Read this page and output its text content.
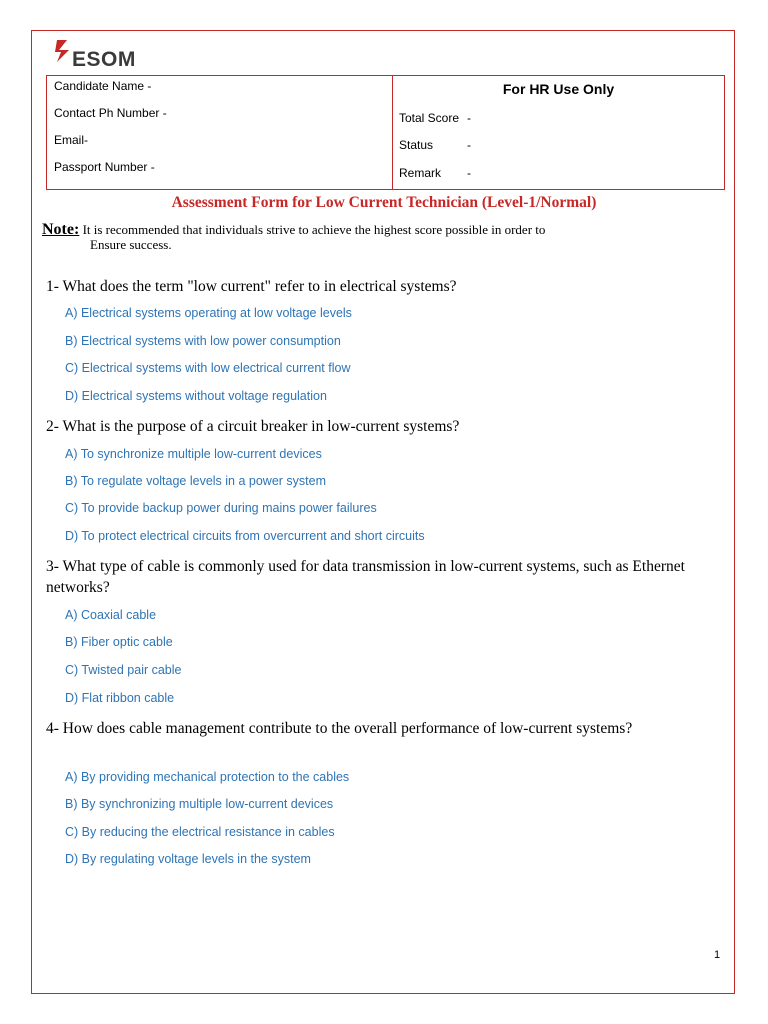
ESOM
Candidate Name -
Contact Ph Number -
Email-
Passport Number -
For HR Use Only
Total Score -
Status	-
Remark -
Assessment Form for Low Current Technician (Level-1/Normal)
Note: It is recommended that individuals strive to achieve the highest score possible in order to
Ensure success.
1- What does the term "low current" refer to in electrical systems?
A) Electrical systems operating at low voltage levels
B) Electrical systems with low power consumption
C) Electrical systems with low electrical current flow
D) Electrical systems without voltage regulation
2- What is the purpose of a circuit breaker in low-current systems?
A) To synchronize multiple low-current devices
B) To regulate voltage levels in a power system
C) To provide backup power during mains power failures
D) To protect electrical circuits from overcurrent and short circuits
3- What type of cable is commonly used for data transmission in low-current systems, such as Ethernet networks?
A) Coaxial cable
B) Fiber optic cable
C) Twisted pair cable
D) Flat ribbon cable
4- How does cable management contribute to the overall performance of low-current systems?
A) By providing mechanical protection to the cables
B) By synchronizing multiple low-current devices
C) By reducing the electrical resistance in cables
D) By regulating voltage levels in the system
1
